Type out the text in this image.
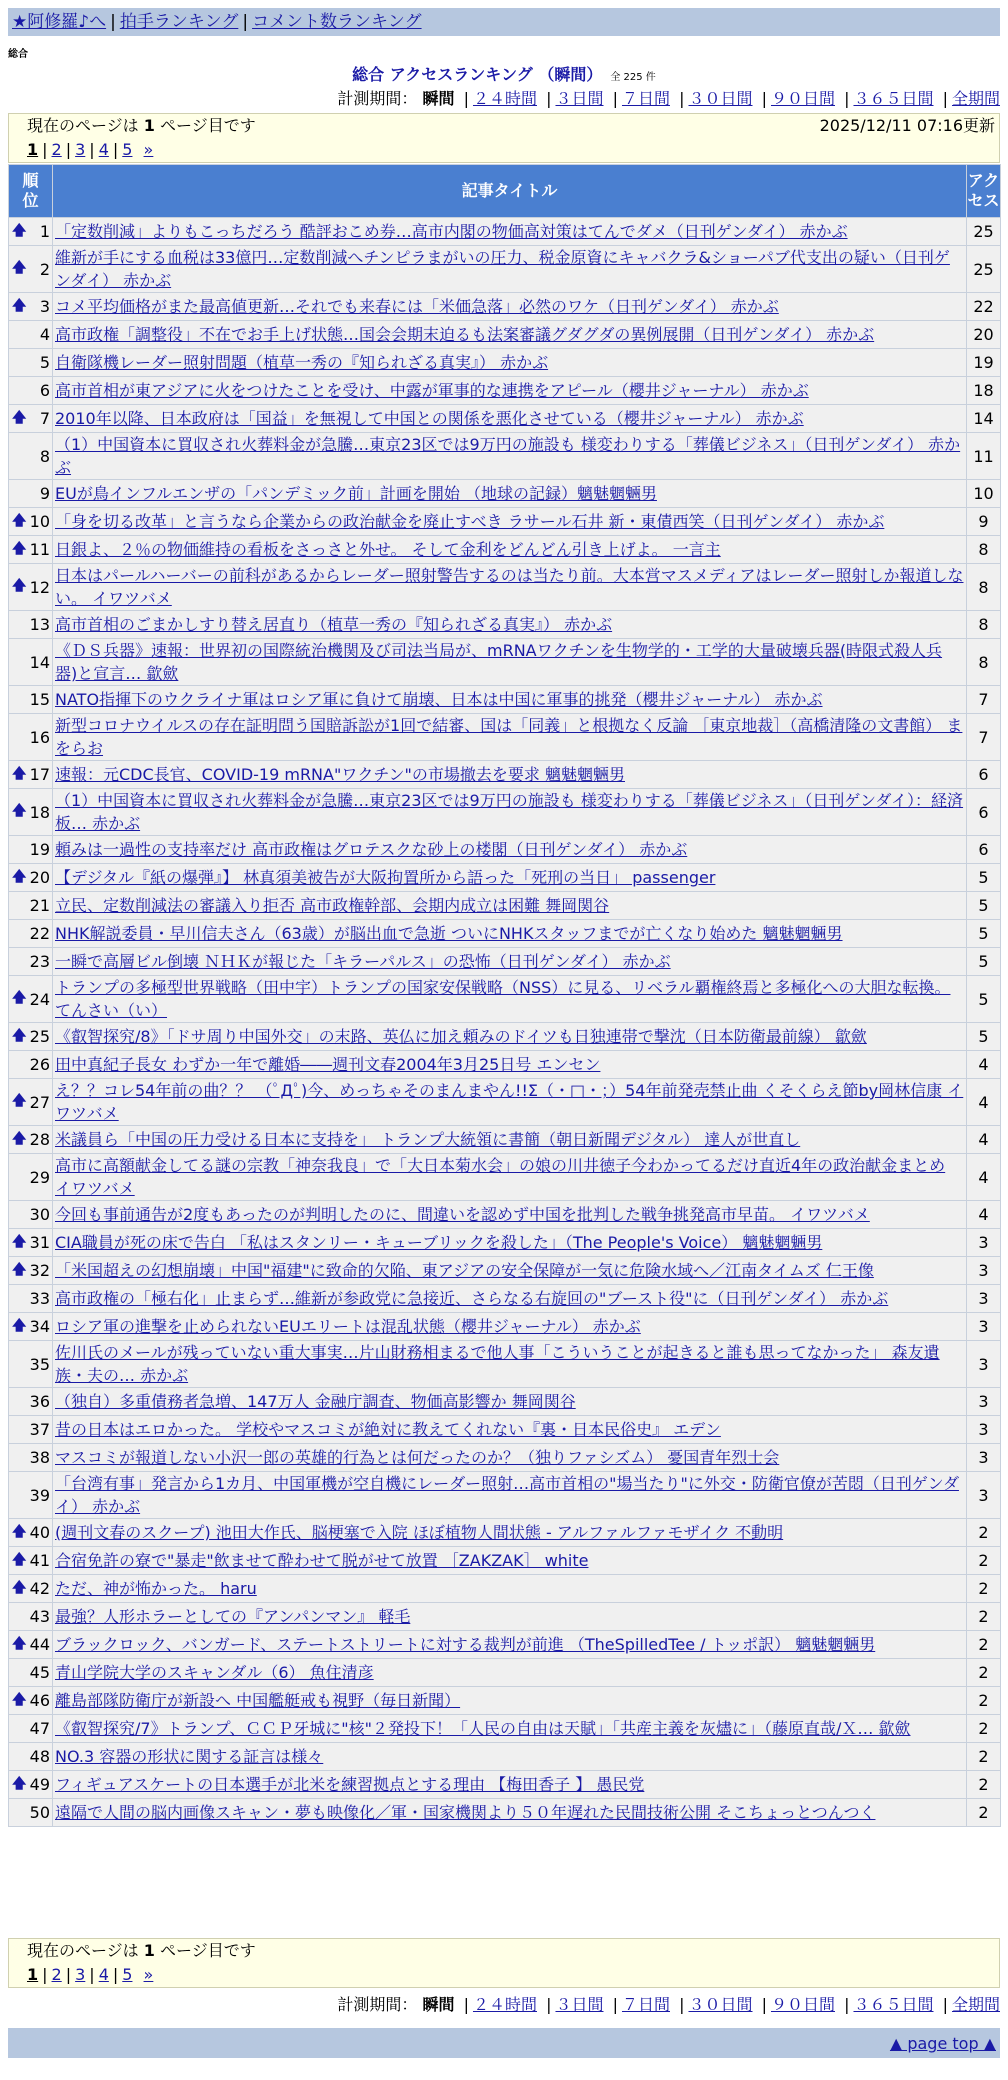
★阿修羅♪へ | 拍手ランキング | コメント数ランキング
総合
総合 アクセスランキング （瞬間） 全 225 件
計測期間： 瞬間 | ２４時間 | ３日間 | ７日間 | ３０日間 | ９０日間 | ３６５日間 | 全期間
現在のページは 1 ページ目です	2025/12/11 07:16更新
1 | 2 | 3 | 4 | 5 »
順位	記事タイトル	アクセス

🡅 1	「定数削減」よりもこっちだろう 酷評おこめ券…高市内閣の物価高対策はてんでダメ（日刊ゲンダイ） 赤かぶ	25

🡅 2	維新が手にする血税は33億円…定数削減へチンピラまがいの圧力、税金原資にキャバクラ&ショーパブ代支出の疑い（日刊ゲンダイ） 赤かぶ	25

🡅 3	コメ平均価格がまた最高値更新…それでも来春には「米価急落」必然のワケ（日刊ゲンダイ） 赤かぶ	22
4	高市政権「調整役」不在でお手上げ状態…国会会期末迫るも法案審議グダグダの異例展開（日刊ゲンダイ） 赤かぶ	20
5	自衛隊機レーダー照射問題（植草一秀の『知られざる真実』） 赤かぶ	19
6	高市首相が東アジアに火をつけたことを受け、中露が軍事的な連携をアピール（櫻井ジャーナル） 赤かぶ	18

🡅 7	2010年以降、日本政府は「国益」を無視して中国との関係を悪化させている（櫻井ジャーナル） 赤かぶ	14
8	（1）中国資本に買収され火葬料金が急騰…東京23区では9万円の施設も 様変わりする「葬儀ビジネス」（日刊ゲンダイ） 赤かぶ	11
9	EUが鳥インフルエンザの「パンデミック前」計画を開始 （地球の記録）魑魅魍魎男	10

🡅 10	「身を切る改革」と言うなら企業からの政治献金を廃止すべき ラサール石井 新・東債西笑（日刊ゲンダイ） 赤かぶ	9

🡅 11	日銀よ、２％の物価維持の看板をさっさと外せ。 そして金利をどんどん引き上げよ。 一言主	8

🡅 12	日本はパールハーバーの前科があるからレーダー照射警告するのは当たり前。大本営マスメディアはレーダー照射しか報道しない。 イワツバメ	8
13	高市首相のごまかしすり替え居直り（植草一秀の『知られざる真実』） 赤かぶ	8
14	《ＤＳ兵器》速報：世界初の国際統治機関及び司法当局が、mRNAワクチンを生物学的・工学的大量破壊兵器(時限式殺人兵器)と宣言… 歙歛	8
15	NATO指揮下のウクライナ軍はロシア軍に負けて崩壊、日本は中国に軍事的挑発（櫻井ジャーナル） 赤かぶ	7
16	新型コロナウイルスの存在証明問う国賠訴訟が1回で結審、国は「同義」と根拠なく反論 ［東京地裁］（高橋清隆の文書館） まをらお	7

🡅 17	速報：元CDC長官、COVID-19 mRNA"ワクチン"の市場撤去を要求 魑魅魍魎男	6

🡅 18	（1）中国資本に買収され火葬料金が急騰…東京23区では9万円の施設も 様変わりする「葬儀ビジネス」（日刊ゲンダイ）：経済板… 赤かぶ	6
19	頼みは一過性の支持率だけ 高市政権はグロテスクな砂上の楼閣（日刊ゲンダイ） 赤かぶ	6

🡅 20	【デジタル『紙の爆弾』】 林真須美被告が大阪拘置所から語った「死刑の当日」 passenger	5
21	立民、定数削減法の審議入り拒否 高市政権幹部、会期内成立は困難 舞岡関谷	5
22	NHK解説委員・早川信夫さん（63歳）が脳出血で急逝 ついにNHKスタッフまでが亡くなり始めた 魑魅魍魎男	5
23	一瞬で高層ビル倒壊 ＮＨＫが報じた「キラーパルス」の恐怖（日刊ゲンダイ） 赤かぶ	5

🡅 24	トランプの多極型世界戦略（田中宇）トランプの国家安保戦略（NSS）に見る、リベラル覇権終焉と多極化への大胆な転換。 てんさい（い）	5

🡅 25	《叡智探究/8》「ドサ周り中国外交」の末路、英仏に加え頼みのドイツも日独連帯で撃沈（日本防衛最前線） 歙歛	5
26	田中真紀子長女 わずか一年で離婚――週刊文春2004年3月25日号 エンセン	4

🡅 27	え？？コレ54年前の曲？？ （ﾟДﾟ)今、めっちゃそのまんまやん!!Σ（・□・；）54年前発売禁止曲 くそくらえ節by岡林信康 イワツバメ	4

🡅 28	米議員ら「中国の圧力受ける日本に支持を」 トランプ大統領に書簡（朝日新聞デジタル） 達人が世直し	4
29	高市に高額献金してる謎の宗教「神奈我良」で「大日本菊水会」の娘の川井徳子今わかってるだけ直近4年の政治献金まとめ イワツバメ	4
30	今回も事前通告が2度もあったのが判明したのに、間違いを認めず中国を批判した戦争挑発高市早苗。 イワツバメ	4

🡅 31	CIA職員が死の床で告白 「私はスタンリー・キューブリックを殺した」（The People's Voice） 魑魅魍魎男	3

🡅 32	「米国超えの幻想崩壊」中国"福建"に致命的欠陥、東アジアの安全保障が一気に危険水域へ／江南タイムズ 仁王像	3
33	高市政権の「極右化」止まらず…維新が参政党に急接近、さらなる右旋回の"ブースト役"に（日刊ゲンダイ） 赤かぶ	3

🡅 34	ロシア軍の進撃を止められないEUエリートは混乱状態（櫻井ジャーナル） 赤かぶ	3
35	佐川氏のメールが残っていない重大事実…片山財務相まるで他人事「こういうことが起きると誰も思ってなかった」 森友遺族・夫の… 赤かぶ	3
36	（独自）多重債務者急増、147万人 金融庁調査、物価高影響か 舞岡関谷	3
37	昔の日本はエロかった。 学校やマスコミが絶対に教えてくれない『裏・日本民俗史』 エデン	3
38	マスコミが報道しない小沢一郎の英雄的行為とは何だったのか？（独りファシズム） 憂国青年烈士会	3
39	「台湾有事」発言から1カ月、中国軍機が空自機にレーダー照射…高市首相の"場当たり"に外交・防衛官僚が苦悶（日刊ゲンダイ） 赤かぶ	3

🡅 40	(週刊文春のスクープ) 池田大作氏、脳梗塞で入院 ほぼ植物人間状態 - アルファルファモザイク 不動明	2

🡅 41	合宿免許の寮で"暴走"飲ませて酔わせて脱がせて放置 ［ZAKZAK］ white	2

🡅 42	ただ、神が怖かった。 haru	2
43	最強？人形ホラーとしての『アンパンマン』 軽毛	2

🡅 44	ブラックロック、バンガード、ステートストリートに対する裁判が前進 （TheSpilledTee / トッポ訳） 魑魅魍魎男	2
45	青山学院大学のスキャンダル（6） 魚住清彦	2

🡅 46	離島部隊防衛庁が新設へ 中国艦艇戒も視野（毎日新聞）	2
47	《叡智探究/7》トランプ、ＣＣＰ牙城に"核"２発投下！「人民の自由は天賦」「共産主義を灰燼に」（藤原直哉/Ｘ… 歙歛	2
48	NO.3 容器の形状に関する証言は様々	2

🡅 49	フィギュアスケートの日本選手が北米を練習拠点とする理由 【梅田香子 】 愚民党	2
50	遠隔で人間の脳内画像スキャン・夢も映像化／軍・国家機関より５０年遅れた民間技術公開 そこちょっとつんつく	2
現在のページは 1 ページ目です
1 | 2 | 3 | 4 | 5 »
計測期間： 瞬間 | ２４時間 | ３日間 | ７日間 | ３０日間 | ９０日間 | ３６５日間 | 全期間
▲ page top ▲
